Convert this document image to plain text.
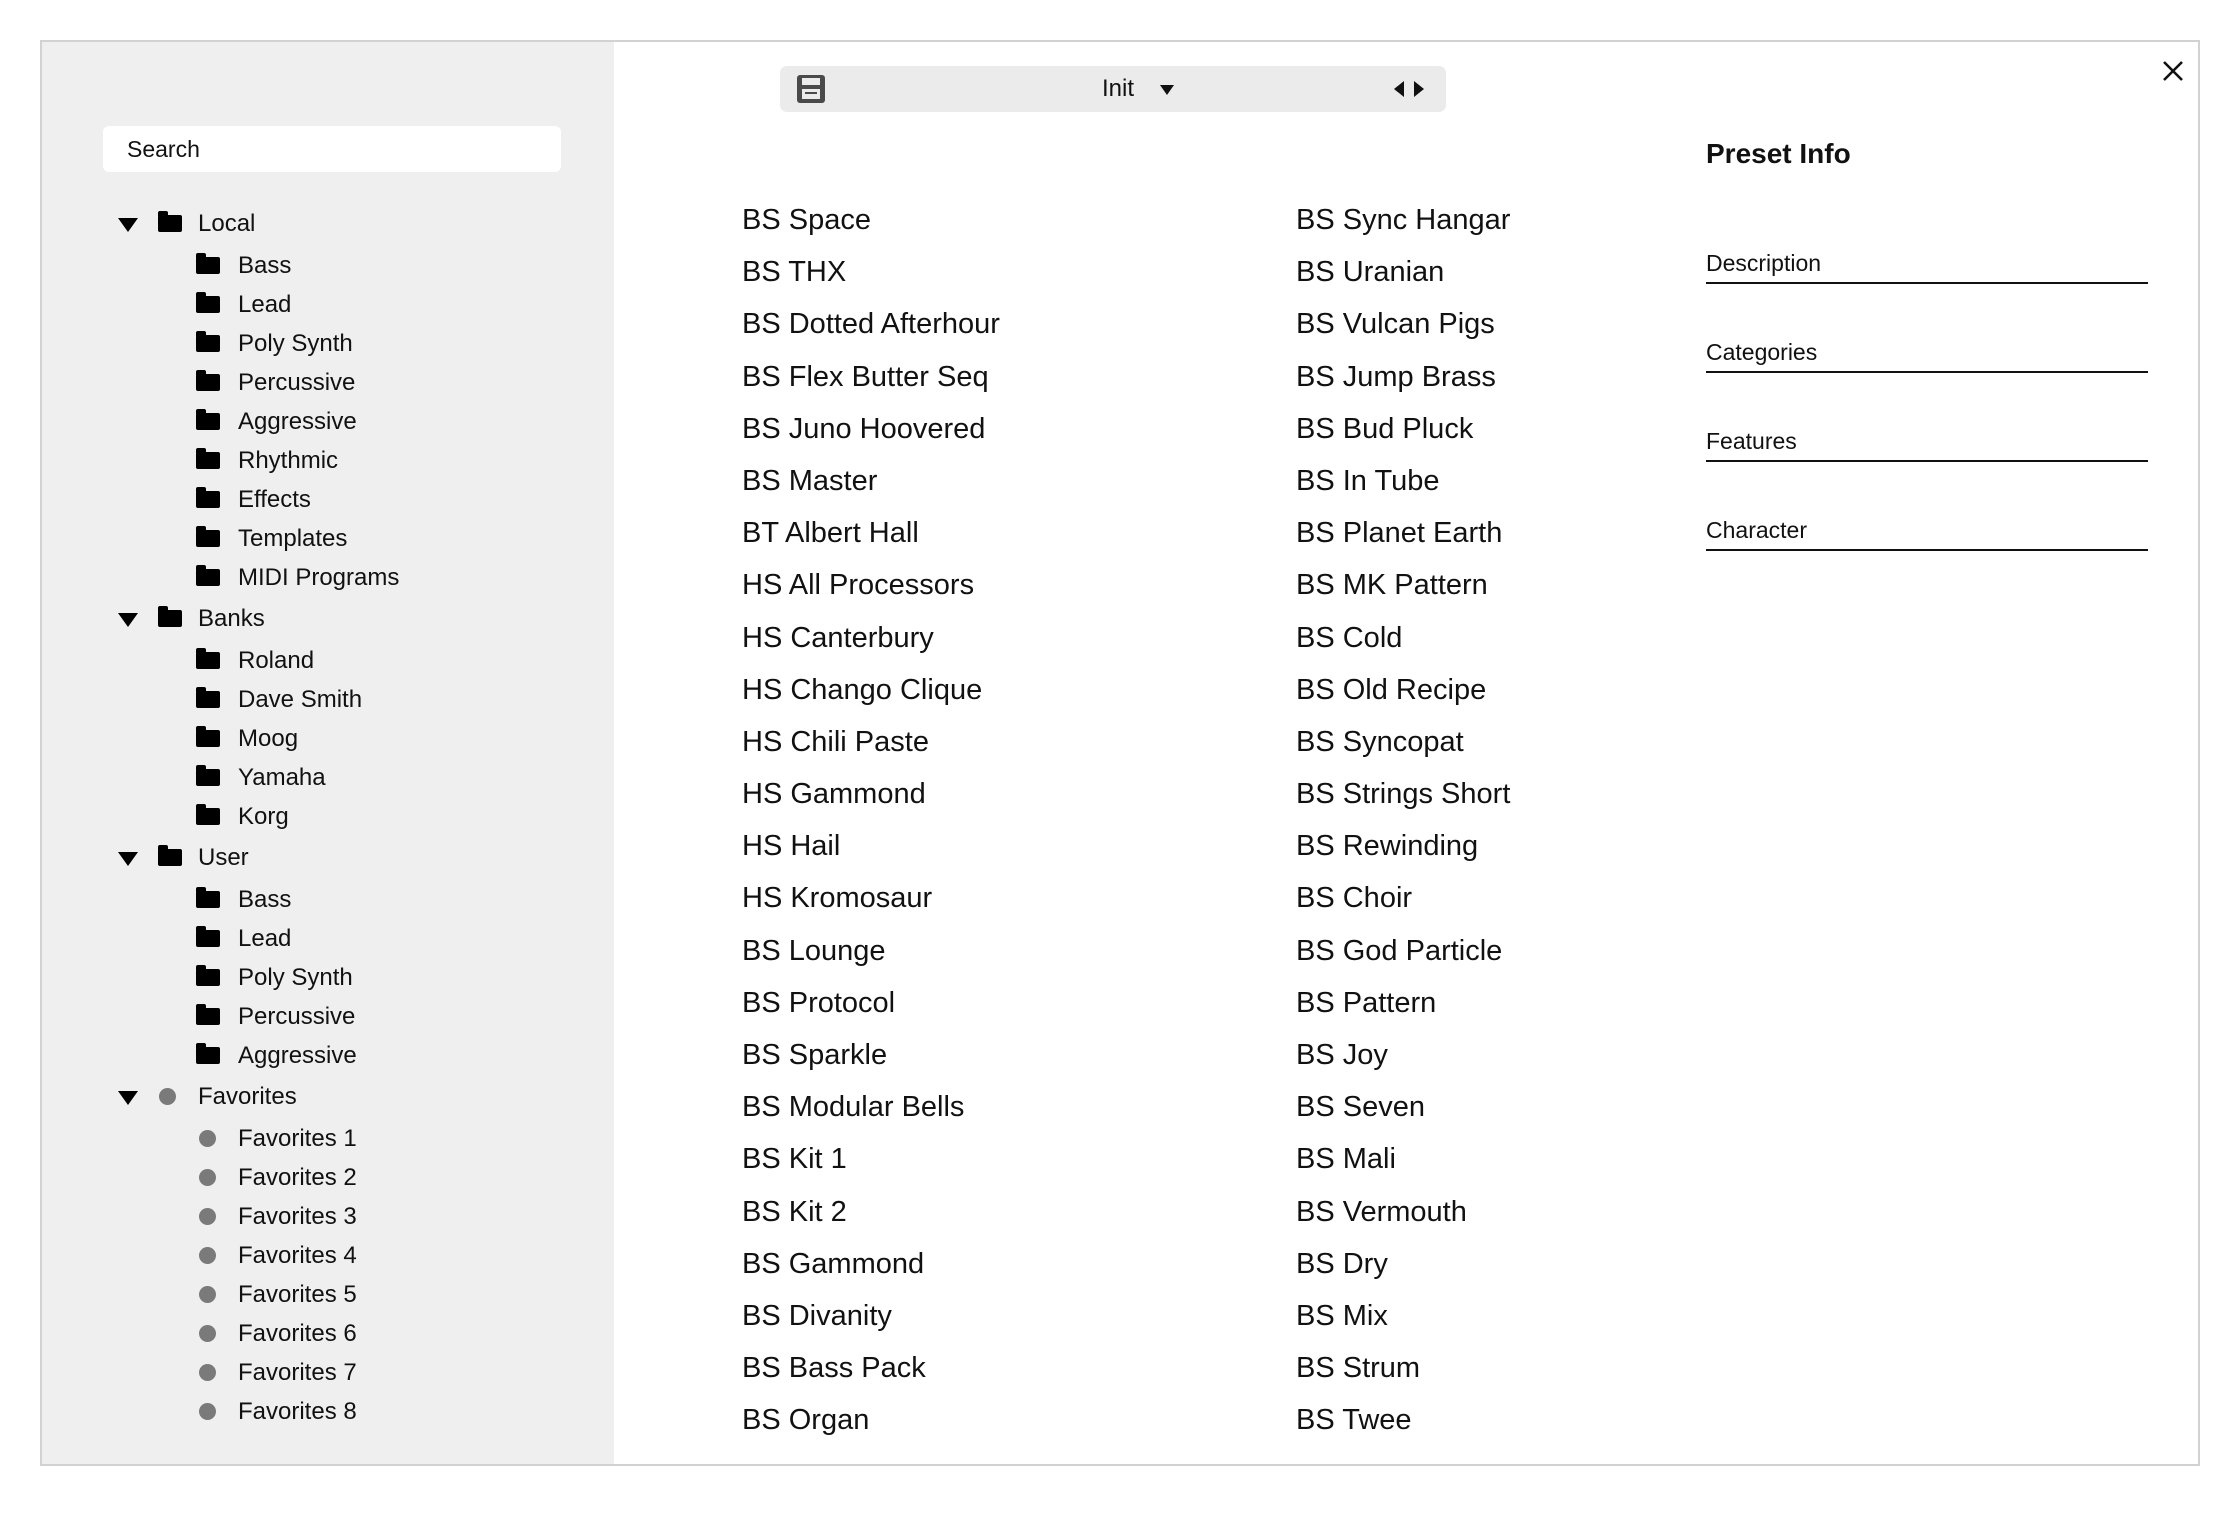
Search
Local
Bass
Lead
Poly Synth
Percussive
Aggressive
Rhythmic
Effects
Templates
MIDI Programs
Banks
Roland
Dave Smith
Moog
Yamaha
Korg
User
Bass
Lead
Poly Synth
Percussive
Aggressive
Favorites
Favorites 1
Favorites 2
Favorites 3
Favorites 4
Favorites 5
Favorites 6
Favorites 7
Favorites 8
Init
BS Space
BS THX
BS Dotted Afterhour
BS Flex Butter Seq
BS Juno Hoovered
BS Master
BT Albert Hall
HS All Processors
HS Canterbury
HS Chango Clique
HS Chili Paste
HS Gammond
HS Hail
HS Kromosaur
BS Lounge
BS Protocol
BS Sparkle
BS Modular Bells
BS Kit 1
BS Kit 2
BS Gammond
BS Divanity
BS Bass Pack
BS Organ
BS Sync Hangar
BS Uranian
BS Vulcan Pigs
BS Jump Brass
BS Bud Pluck
BS In Tube
BS Planet Earth
BS MK Pattern
BS Cold
BS Old Recipe
BS Syncopat
BS Strings Short
BS Rewinding
BS Choir
BS God Particle
BS Pattern
BS Joy
BS Seven
BS Mali
BS Vermouth
BS Dry
BS Mix
BS Strum
BS Twee
Preset Info
Description
Categories
Features
Character
